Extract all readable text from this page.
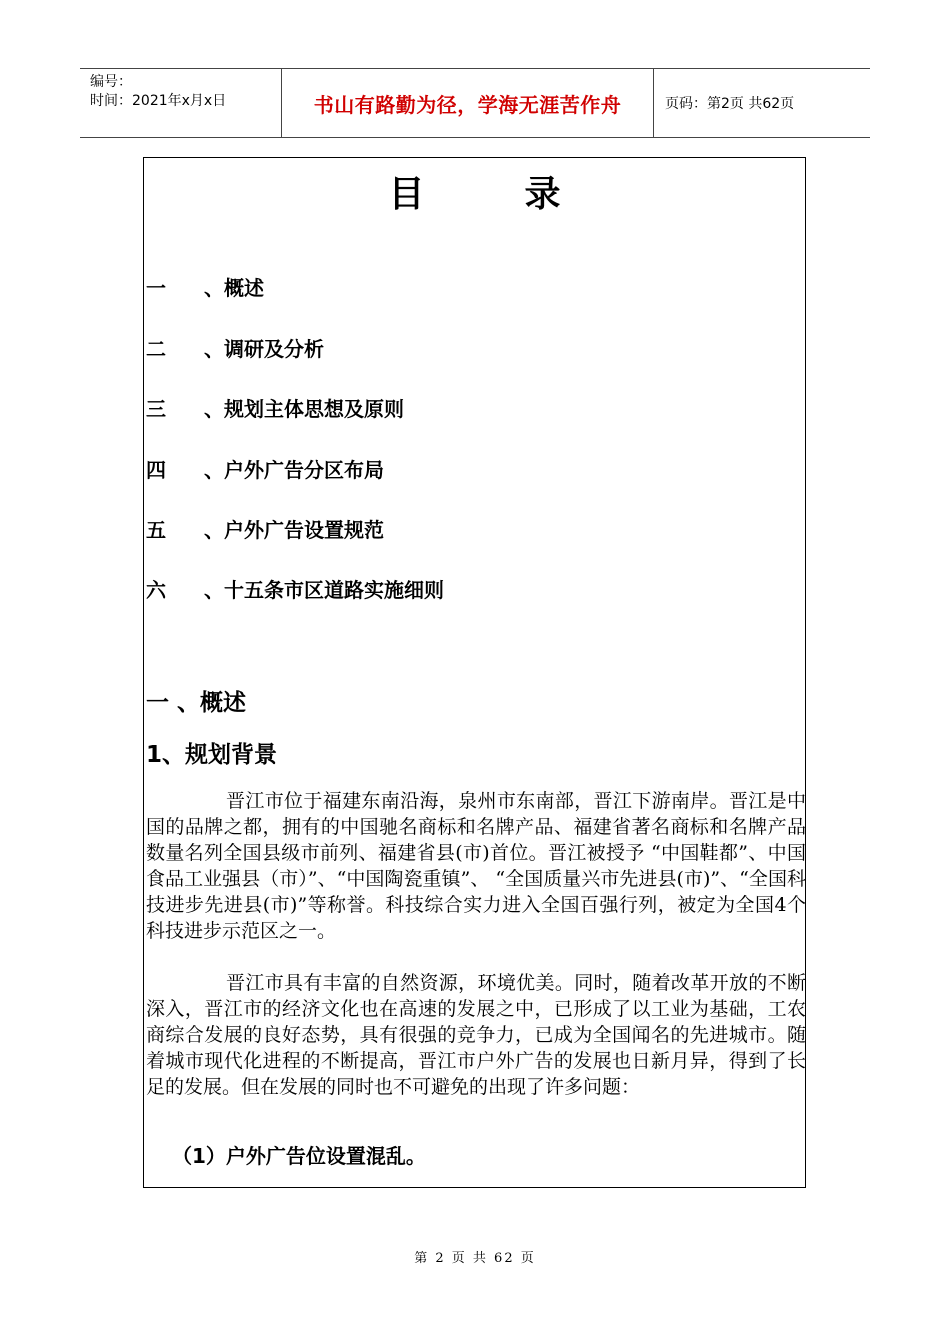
编号：
时间：2021年x月x日	书山有路勤为径，学海无涯苦作舟	页码：第2页 共62页
目录
一 、概述
二 、调研及分析
三 、规划主体思想及原则
四 、户外广告分区布局
五 、户外广告设置规范
六 、十五条市区道路实施细则
一 、概述
1、规划背景

晋江市位于福建东南沿海，泉州市东南部，晋江下游南岸。晋江是中国的品牌之都，拥有的中国驰名商标和名牌产品、福建省著名商标和名牌产品数量名列全国县级市前列、福建省县(市)首位。晋江被授予 “中国鞋都”、中国食品工业强县（市）”、“中国陶瓷重镇”、 “全国质量兴市先进县(市)”、“全国科技进步先进县(市)”等称誉。科技综合实力进入全国百强行列，被定为全国4个科技进步示范区之一。

晋江市具有丰富的自然资源，环境优美。同时，随着改革开放的不断深入，晋江市的经济文化也在高速的发展之中，已形成了以工业为基础，工农商综合发展的良好态势，具有很强的竞争力，已成为全国闻名的先进城市。随着城市现代化进程的不断提高，晋江市户外广告的发展也日新月异，得到了长足的发展。但在发展的同时也不可避免的出现了许多问题：

（1）户外广告位设置混乱。
第 2 页 共 62 页
